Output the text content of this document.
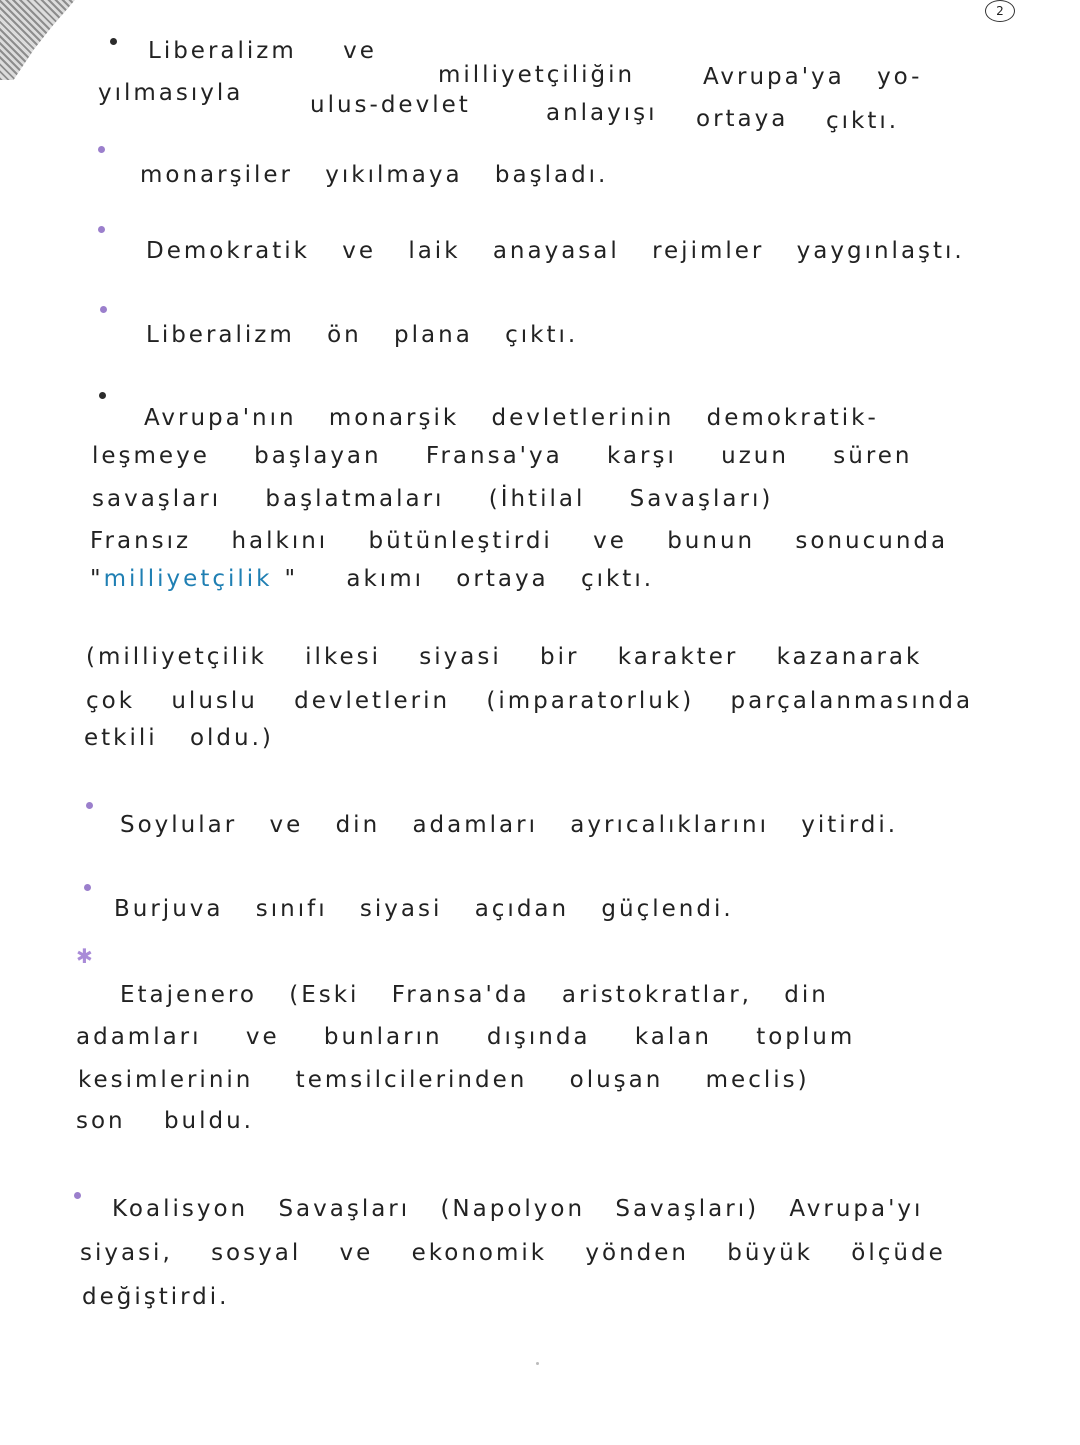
2
Liberalizm ve
milliyetçiliğin	Avrupa'ya yo-
yılmasıyla	ulus-devlet	anlayışı ortaya çıktı.
monarşiler yıkılmaya başladı.
Demokratik ve laik anayasal rejimler yaygınlaştı.
Liberalizm ön plana çıktı.
Avrupa'nın monarşik devletlerinin demokratik-
leşmeye başlayan Fransa'ya karşı uzun süren
savaşları başlatmaları (İhtilal Savaşları)
Fransız halkını bütünleştirdi ve bunun sonucunda
"milliyetçilik " akımı ortaya çıktı.
(milliyetçilik ilkesi siyasi bir karakter kazanarak
çok uluslu devletlerin (imparatorluk) parçalanmasında
etkili oldu.)
Soylular ve din adamları ayrıcalıklarını yitirdi.
Burjuva sınıfı siyasi açıdan güçlendi.
✱
Etajenero (Eski Fransa'da aristokratlar, din
adamları ve bunların dışında kalan toplum
kesimlerinin temsilcilerinden oluşan meclis)
son buldu.
Koalisyon Savaşları (Napolyon Savaşları) Avrupa'yı
siyasi, sosyal ve ekonomik yönden büyük ölçüde
değiştirdi.
